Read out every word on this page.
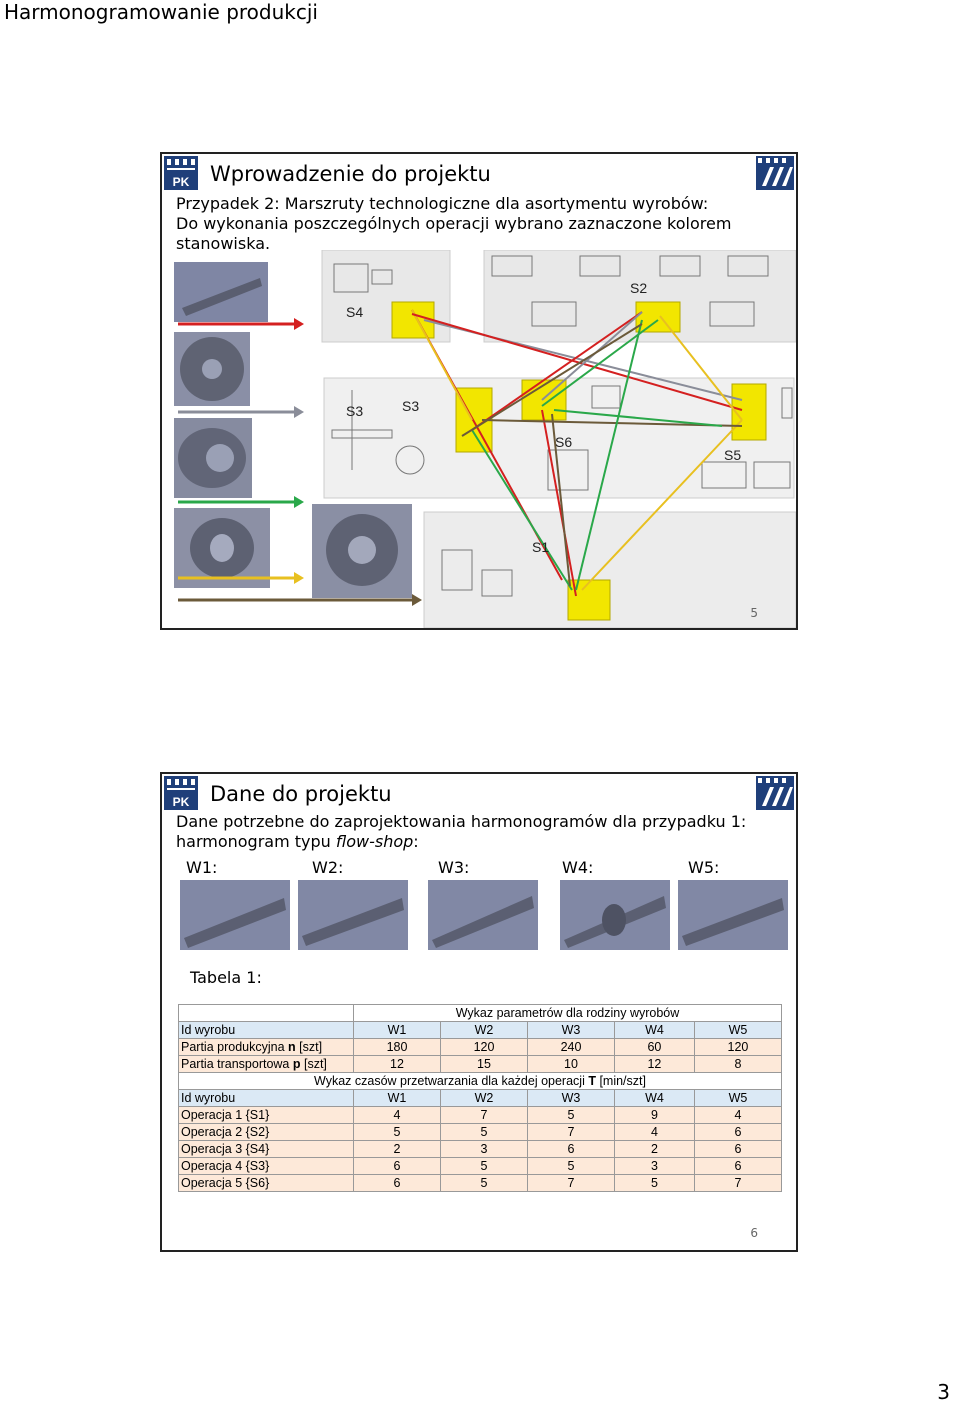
Harmonogramowanie produkcji
PK Wprowadzenie do projektu
Przypadek 2: Marszruty technologiczne dla asortymentu wyrobów:
Do wykonania poszczególnych operacji wybrano zaznaczone kolorem
stanowiska.
S3
S4
S2
S3
S6
S5
S1
5
PK Dane do projektu
Dane potrzebne do zaprojektowania harmonogramów dla przypadku 1:
harmonogram typu flow-shop:
W1:	W2:	W3:	W4:	W5:
Tabela 1:
	Wykaz parametrów dla rodziny wyrobów				
Id wyrobu	W1	W2	W3	W4	W5
Partia produkcyjna n [szt]	180	120	240	60	120
Partia transportowa p [szt]	12	15	10	12	8
Wykaz czasów przetwarzania dla każdej operacji T [min/szt]					
Id wyrobu	W1	W2	W3	W4	W5
Operacja 1 {S1}	4	7	5	9	4
Operacja 2 {S2}	5	5	7	4	6
Operacja 3 {S4}	2	3	6	2	6
Operacja 4 {S3}	6	5	5	3	6
Operacja 5 {S6}	6	5	7	5	7
6
3
